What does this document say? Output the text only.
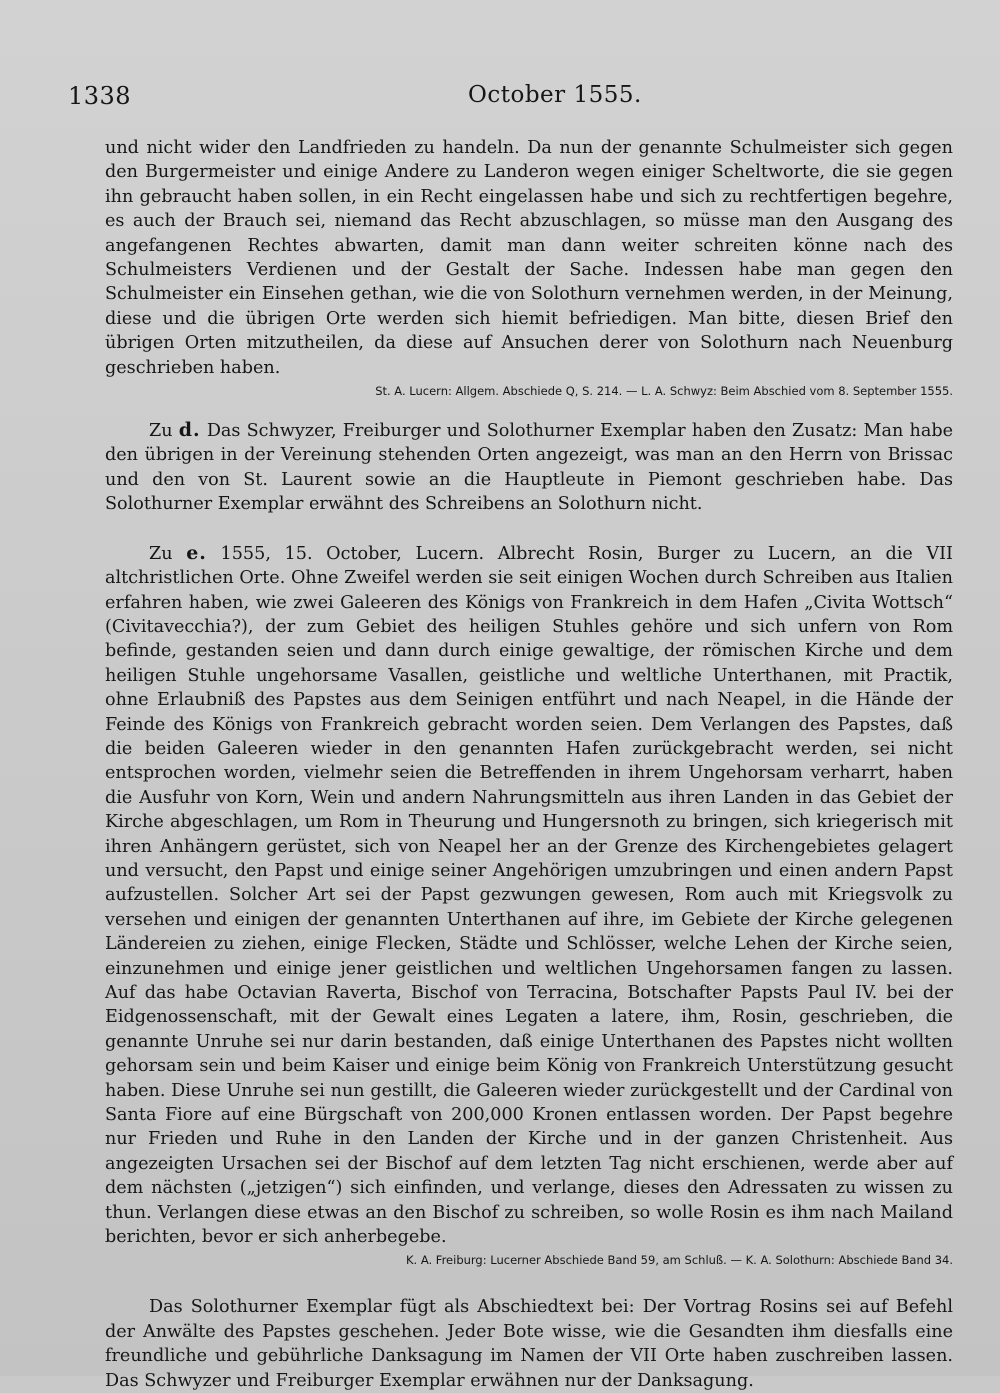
1338	October 1555.

und nicht wider den Landfrieden zu handeln. Da nun der genannte Schulmeister sich gegen den Burgermeister und einige Andere zu Landeron wegen einiger Scheltworte, die sie gegen ihn gebraucht haben sollen, in ein Recht eingelassen habe und sich zu rechtfertigen begehre, es auch der Brauch sei, niemand das Recht abzuschlagen, so müsse man den Ausgang des angefangenen Rechtes abwarten, damit man dann weiter schreiten könne nach des Schulmeisters Verdienen und der Gestalt der Sache. Indessen habe man gegen den Schulmeister ein Einsehen gethan, wie die von Solothurn vernehmen werden, in der Meinung, diese und die übrigen Orte werden sich hiemit befriedigen. Man bitte, diesen Brief den übrigen Orten mitzutheilen, da diese auf Ansuchen derer von Solothurn nach Neuenburg geschrieben haben.

St. A. Lucern: Allgem. Abschiede Q, S. 214. — L. A. Schwyz: Beim Abschied vom 8. September 1555.

Zu d. Das Schwyzer, Freiburger und Solothurner Exemplar haben den Zusatz: Man habe den übrigen in der Vereinung stehenden Orten angezeigt, was man an den Herrn von Brissac und den von St. Laurent sowie an die Hauptleute in Piemont geschrieben habe. Das Solothurner Exemplar erwähnt des Schreibens an Solothurn nicht.

Zu e. 1555, 15. October, Lucern. Albrecht Rosin, Burger zu Lucern, an die VII altchristlichen Orte. Ohne Zweifel werden sie seit einigen Wochen durch Schreiben aus Italien erfahren haben, wie zwei Galeeren des Königs von Frankreich in dem Hafen „Civita Wottsch“ (Civitavecchia?), der zum Gebiet des heiligen Stuhles gehöre und sich unfern von Rom befinde, gestanden seien und dann durch einige gewaltige, der römischen Kirche und dem heiligen Stuhle ungehorsame Vasallen, geistliche und weltliche Unterthanen, mit Practik, ohne Erlaubniß des Papstes aus dem Seinigen entführt und nach Neapel, in die Hände der Feinde des Königs von Frankreich gebracht worden seien. Dem Verlangen des Papstes, daß die beiden Galeeren wieder in den genannten Hafen zurückgebracht werden, sei nicht entsprochen worden, vielmehr seien die Betreffenden in ihrem Ungehorsam verharrt, haben die Ausfuhr von Korn, Wein und andern Nahrungsmitteln aus ihren Landen in das Gebiet der Kirche abgeschlagen, um Rom in Theurung und Hungersnoth zu bringen, sich kriegerisch mit ihren Anhängern gerüstet, sich von Neapel her an der Grenze des Kirchengebietes gelagert und versucht, den Papst und einige seiner Angehörigen umzubringen und einen andern Papst aufzustellen. Solcher Art sei der Papst gezwungen gewesen, Rom auch mit Kriegsvolk zu versehen und einigen der genannten Unterthanen auf ihre, im Gebiete der Kirche gelegenen Ländereien zu ziehen, einige Flecken, Städte und Schlösser, welche Lehen der Kirche seien, einzunehmen und einige jener geistlichen und weltlichen Ungehorsamen fangen zu lassen. Auf das habe Octavian Raverta, Bischof von Terracina, Botschafter Papsts Paul IV. bei der Eidgenossenschaft, mit der Gewalt eines Legaten a latere, ihm, Rosin, geschrieben, die genannte Unruhe sei nur darin bestanden, daß einige Unterthanen des Papstes nicht wollten gehorsam sein und beim Kaiser und einige beim König von Frankreich Unterstützung gesucht haben. Diese Unruhe sei nun gestillt, die Galeeren wieder zurückgestellt und der Cardinal von Santa Fiore auf eine Bürgschaft von 200,000 Kronen entlassen worden. Der Papst begehre nur Frieden und Ruhe in den Landen der Kirche und in der ganzen Christenheit. Aus angezeigten Ursachen sei der Bischof auf dem letzten Tag nicht erschienen, werde aber auf dem nächsten („jetzigen“) sich einfinden, und verlange, dieses den Adressaten zu wissen zu thun. Verlangen diese etwas an den Bischof zu schreiben, so wolle Rosin es ihm nach Mailand berichten, bevor er sich anherbegebe.

K. A. Freiburg: Lucerner Abschiede Band 59, am Schluß. — K. A. Solothurn: Abschiede Band 34.

Das Solothurner Exemplar fügt als Abschiedtext bei: Der Vortrag Rosins sei auf Befehl der Anwälte des Papstes geschehen. Jeder Bote wisse, wie die Gesandten ihm diesfalls eine freundliche und gebührliche Danksagung im Namen der VII Orte haben zuschreiben lassen. Das Schwyzer und Freiburger Exemplar erwähnen nur der Danksagung.
